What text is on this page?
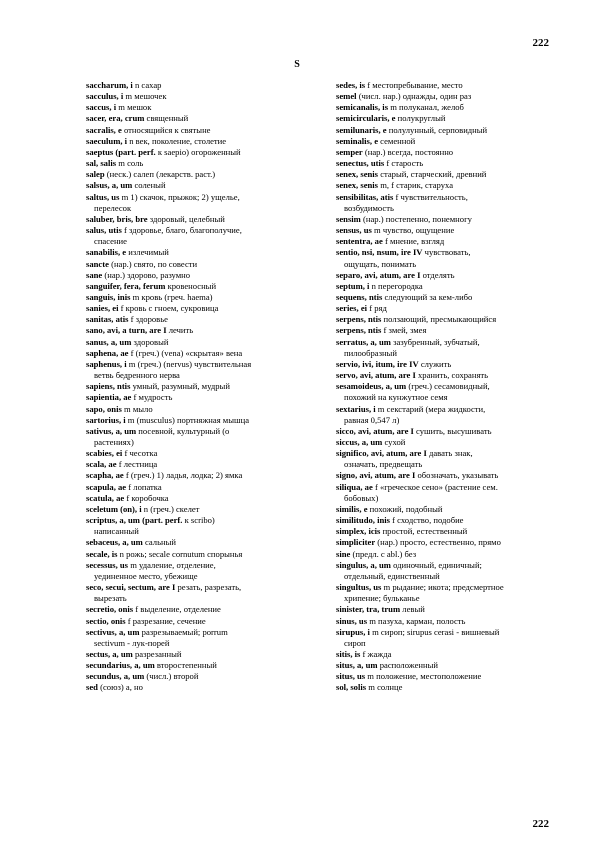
222
S
saccharum, i n сахар
sacculus, i m мешочек
saccus, i m мешок
sacer, era, crum священный
sacralis, e относящийся к святыне
saeculum, i n век, поколение, столетие
saeptus (part. perf. к saepio) огороженный
sal, salis m соль
salep (неск.) салеп (лекарств. раст.)
salsus, a, um соленый
saltus, us m 1) скачок, прыжок; 2) ущелье,
перелесок
saluber, bris, bre здоровый, целебный
salus, utis f здоровье, благо, благополучие,
спасение
sanabilis, e излечимый
sancte (нар.) свято, по совести
sane (нар.) здорово, разумно
sanguifer, fera, ferum кровеносный
sanguis, inis m кровь (греч. haema)
sanies, ei f кровь с гноем, сукровица
sanitas, atis f здоровье
sano, avi, a turn, are I лечить
sanus, a, um здоровый
saphena, ae f (греч.) (vena) «скрытая» вена
saphenus, i m (греч.) (nervus) чувствительная
ветвь бедренного нерва
sapiens, ntis умный, разумный, мудрый
sapientia, ae f мудрость
sapo, onis m мыло
sartorius, i m (musculus) портняжная мышца
sativus, a, um посевной, культурный (о
растениях)
scabies, ei f чесотка
scala, ae f лестница
scapha, ae f (греч.) 1) ладья, лодка; 2) ямка
scapula, ae f лопатка
scatula, ae f коробочка
sceletum (on), i n (греч.) скелет
scriptus, a, um (part. perf. к scribo)
написанный
sebaceus, a, um сальный
secale, is n рожь; secale cornutum спорынья
secessus, us m удаление, отделение,
уединенное место, убежище
seco, secui, sectum, are I резать, разрезать,
вырезать
secretio, onis f выделение, отделение
sectio, onis f разрезание, сечение
sectivus, a, um разрезываемый; porrum
sectivum - лук-порей
sectus, a, um разрезанный
secundarius, a, um второстепенный
secundus, a, um (числ.) второй
sed (союз) а, но
sedes, is f местопребывание, место
semel (числ. нар.) однажды, один раз
semicanalis, is m полуканал, желоб
semicircularis, e полукруглый
semilunaris, e полулунный, серповидный
seminalis, e семенной
semper (нар.) всегда, постоянно
senectus, utis f старость
senex, senis старый, старческий, древний
senex, senis m, f старик, старуха
sensibilitas, atis f чувствительность,
возбудимость
sensim (нар.) постепенно, понемногу
sensus, us m чувство, ощущение
sententra, ae f мнение, взгляд
sentio, nsi, nsum, ire IV чувствовать,
ощущать, понимать
separo, avi, atum, are I отделять
septum, i n перегородка
sequens, ntis следующий за кем-либо
series, ei f ряд
serpens, ntis ползающий, пресмыкающийся
serpens, ntis f змей, змея
serratus, a, um зазубренный, зубчатый,
пилообразный
servio, ivi, itum, ire IV служить
servo, avi, atum, are I хранить, сохранять
sesamoideus, a, um (греч.) сесамовидный,
похожий на кунжутное семя
sextarius, i m секстарий (мера жидкости,
равная 0,547 л)
sicco, avi, atum, are I сушить, высушивать
siccus, a, um сухой
significo, avi, atum, are I давать знак,
означать, предвещать
signo, avi, atum, are I обозначать, указывать
siliqua, ae f «греческое сено» (растение сем.
бобовых)
similis, e похожий, подобный
similitudo, inis f сходство, подобие
simplex, icis простой, естественный
simpliciter (нар.) просто, естественно, прямо
sine (предл. с abl.) без
singulus, a, um одиночный, единичный;
отдельный, единственный
singultus, us m рыдание; икота; предсмертное
хрипение; бульканье
sinister, tra, trum левый
sinus, us m пазуха, карман, полость
sirupus, i m сироп; sirupus cerasi - вишневый
сироп
sitis, is f жажда
situs, a, um расположенный
situs, us m положение, местоположение
sol, solis m солнце
222
